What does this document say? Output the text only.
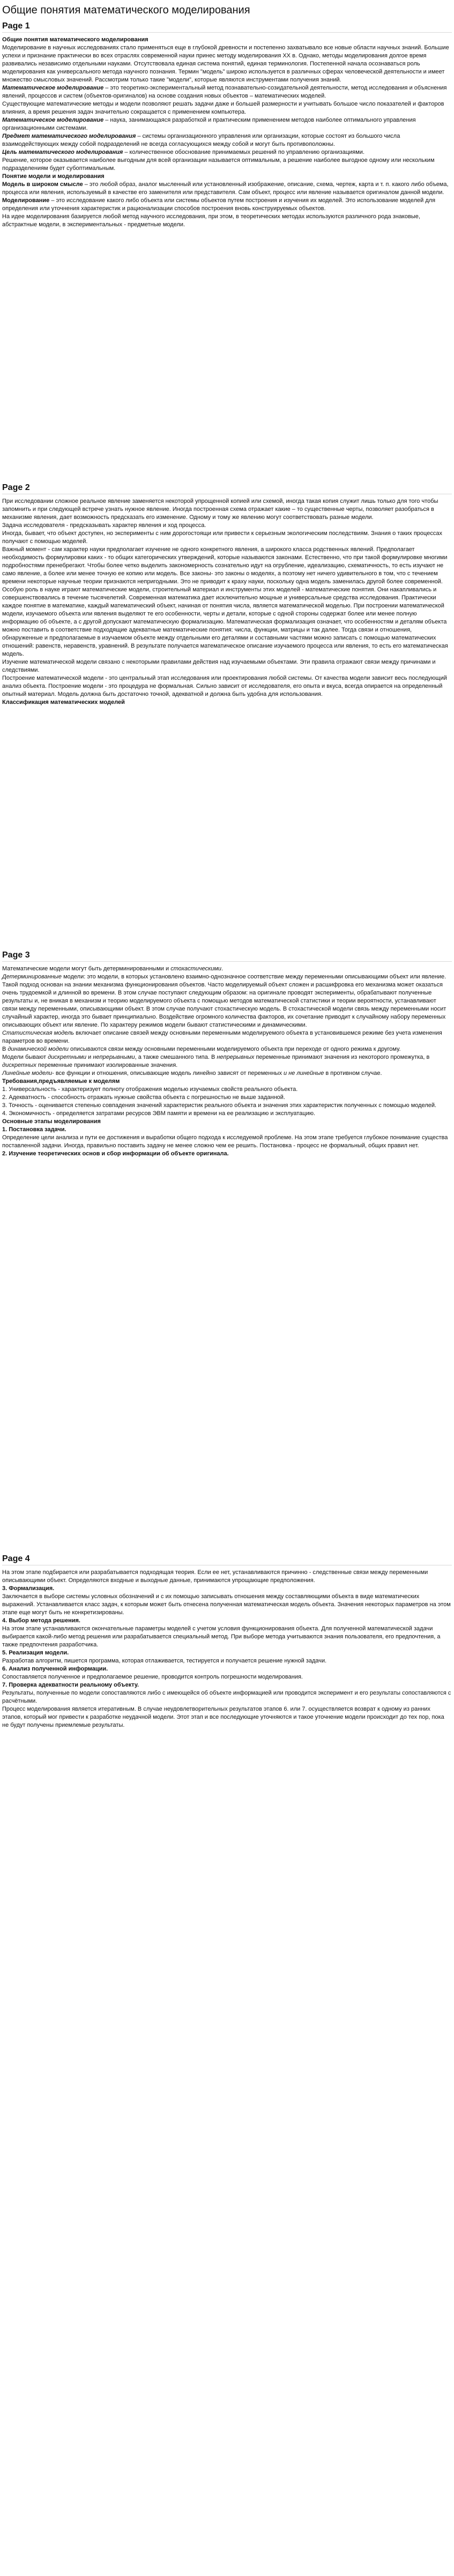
Общие понятия математического моделирования
Page 1

Общие понятия математического моделирования

Моделирование в научных исследованиях стало применяться еще в глубокой древности и постепенно захватывало все новые области научных знаний. Большие успехи и признание практически во всех отраслях современной науки принес методу моделирования ХХ в. Однако, методы моделирования долгое время развивались независимо отдельными науками. Отсутствовала единая система понятий, единая терминология. Постепенной начала осознаваться роль моделирования как универсального метода научного познания. Термин "модель" широко используется в различных сферах человеческой деятельности и имеет множество смысловых значений. Рассмотрим только такие "модели", которые являются инструментами получения знаний.

Математическое моделирование – это теоретико-экспериментальный метод познавательно-созидательной деятельности, метод исследования и объяснения явлений, процессов и систем (объектов-оригиналов) на основе создания новых объектов – математических моделей.

Существующие математические методы и модели позволяют решать задачи даже и большей размерности и учитывать большое число показателей и факторов влияния, а время решения задач значительно сокращается с применением компьютера.

Математическое моделирование – наука, занимающаяся разработкой и практическим применением методов наиболее оптимального управления организационными системами.

Предмет математического моделирования – системы организационного управления или организации, которые состоят из большого числа взаимодействующих между собой подразделений не всегда согласующихся между собой и могут быть противоположны.

Цель математического моделирования – количественное обоснование принимаемых решений по управлению организациями.

Решение, которое оказывается наиболее выгодным для всей организации называется оптимальным, а решение наиболее выгодное одному или нескольким подразделениям будет субоптимальным.

Понятие модели и моделирования

Модель в широком смысле – это любой образ, аналог мысленный или установленный изображение, описание, схема, чертеж, карта и т. п. какого либо объема, процесса или явления, используемый в качестве его заменителя или представителя. Сам объект, процесс или явление называется оригиналом данной модели.

Моделирование – это исследование какого либо объекта или системы объектов путем построения и изучения их моделей. Это использование моделей для определения или уточнения характеристик и рационализации способов построения вновь конструируемых объектов.

На идее моделирования базируется любой метод научного исследования, при этом, в теоретических методах используются различного рода знаковые, абстрактные модели, в экспериментальных - предметные модели.

Page 2

При исследовании сложное реальное явление заменяется некоторой упрощенной копией или схемой, иногда такая копия служит лишь только для того чтобы запомнить и при следующей встрече узнать нужное явление. Иногда построенная схема отражает какие – то существенные черты, позволяет разобраться в механизме явления, дает возможность предсказать его изменение. Одному и тому же явлению могут соответствовать разные модели.

Задача исследователя - предсказывать характер явления и ход процесса.

Иногда, бывает, что объект доступен, но эксперименты с ним дорогостоящи или привести к серьезным экологическим последствиям. Знания о таких процессах получают с помощью моделей.

Важный момент - сам характер науки предполагает изучение не одного конкретного явления, а широкого класса родственных явлений. Предполагает необходимость формулировки каких - то общих категорических утверждений, которые называются законами. Естественно, что при такой формулировке многими подробностями пренебрегают. Чтобы более четко выделить закономерность сознательно идут на огрубление, идеализацию, схематичность, то есть изучают не само явление, а более или менее точную ее копию или модель. Все законы- это законы о моделях, а поэтому нет ничего удивительного в том, что с течением времени некоторые научные теории признаются непригодными. Это не приводит к краху науки, поскольку одна модель заменилась другой более современной.

Особую роль в науке играют математические модели, строительный материал и инструменты этих моделей - математические понятия. Они накапливались и совершенствовались в течение тысячелетий. Современная математика дает исключительно мощные и универсальные средства исследования. Практически каждое понятие в математике, каждый математический объект, начиная от понятия числа, является математической моделью. При построении математической модели, изучаемого объекта или явления выделяют те его особенности, черты и детали, которые с одной стороны содержат более или менее полную информацию об объекте, а с другой допускают математическую формализацию. Математическая формализация означает, что особенностям и деталям объекта можно поставить в соответствие подходящие адекватные математические понятия: числа, функции, матрицы и так далее. Тогда связи и отношения, обнаруженные и предполагаемые в изучаемом объекте между отдельными его деталями и составными частями можно записать с помощью математических отношений: равенств, неравенств, уравнений. В результате получается математическое описание изучаемого процесса или явления, то есть его математическая модель.

Изучение математической модели связано с некоторыми правилами действия над изучаемыми объектами. Эти правила отражают связи между причинами и следствиями.

Построение математической модели - это центральный этап исследования или проектирования любой системы. От качества модели зависит весь последующий анализ объекта. Построение модели - это процедура не формальная. Сильно зависит от исследователя, его опыта и вкуса, всегда опирается на определенный опытный материал. Модель должна быть достаточно точной, адекватной и должна быть удобна для использования.

Классификация математических моделей

Page 3

Математические модели могут быть детерминированными и стохастическими.

Детерминированные модели: это модели, в которых установлено взаимно-однозначное соответствие между переменными описывающими объект или явление.

Такой подход основан на знании механизма функционирования объектов. Часто моделируемый объект сложен и расшифровка его механизма может оказаться очень трудоемкой и длинной во времени. В этом случае поступают следующим образом: на оригинале проводят эксперименты, обрабатывают полученные результаты и, не вникая в механизм и теорию моделируемого объекта с помощью методов математической статистики и теории вероятности, устанавливают связи между переменными, описывающими объект. В этом случае получают стохастическую модель. В стохастической модели связь между переменными носит случайный характер, иногда это бывает принципиально. Воздействие огромного количества факторов, их сочетание приводит к случайному набору переменных описывающих объект или явление. По характеру режимов модели бывают статистическими и динамическими.

Статистическая модель включает описание связей между основными переменными моделируемого объекта в установившемся режиме без учета изменения параметров во времени.

В динамической модели описываются связи между основными переменными моделируемого объекта при переходе от одного режима к другому.

Модели бывают дискретными и непрерывными, а также смешанного типа. В непрерывных переменные принимают значения из некоторого промежутка, в дискретных переменные принимают изолированные значения.

Линейные модели- все функции и отношения, описывающие модель линейно зависят от переменных и не линейные в противном случае.

Требования,предъявляемые к моделям

1. Универсальность - характеризует полноту отображения моделью изучаемых свойств реального объекта.

2. Адекватность - способность отражать нужные свойства объекта с погрешностью не выше заданной.

3. Точность - оценивается степенью совпадения значений характеристик реального объекта и значения этих характеристик полученных с помощью моделей.

4. Экономичность - определяется затратами ресурсов ЭВМ памяти и времени на ее реализацию и эксплуатацию.

Основные этапы моделирования

1. Постановка задачи.

Определение цели анализа и пути ее достижения и выработки общего подхода к исследуемой проблеме. На этом этапе требуется глубокое понимание существа поставленной задачи. Иногда, правильно поставить задачу не менее сложно чем ее решить. Постановка - процесс не формальный, общих правил нет.

2. Изучение теоретических основ и сбор информации об объекте оригинала.

Page 4

На этом этапе подбирается или разрабатывается подходящая теория. Если ее нет, устанавливаются причинно - следственные связи между переменными описывающими объект. Определяются входные и выходные данные, принимаются упрощающие предположения.

3. Формализация.

Заключается в выборе системы условных обозначений и с их помощью записывать отношения между составляющими объекта в виде математических выражений. Устанавливается класс задач, к которым может быть отнесена полученная математическая модель объекта. Значения некоторых параметров на этом этапе еще могут быть не конкретизированы.

4. Выбор метода решения.

На этом этапе устанавливаются окончательные параметры моделей с учетом условия функционирования объекта. Для полученной математической задачи выбирается какой-либо метод решения или разрабатывается специальный метод. При выборе метода учитываются знания пользователя, его предпочтения, а также предпочтения разработчика.

5. Реализация модели.

Разработав алгоритм, пишется программа, которая отлаживается, тестируется и получается решение нужной задачи.

6. Анализ полученной информации.

Сопоставляется полученное и предполагаемое решение, проводится контроль погрешности моделирования.

7. Проверка адекватности реальному объекту.

Результаты, полученные по модели сопоставляются либо с имеющейся об объекте информацией или проводится эксперимент и его результаты сопоставляются с расчётными.

Процесс моделирования является итеративным. В случае неудовлетворительных результатов этапов 6. или 7. осуществляется возврат к одному из ранних этапов, который мог привести к разработке неудачной модели. Этот этап и все последующие уточняются и такое уточнение модели происходит до тех пор, пока не будут получены приемлемые результаты.
